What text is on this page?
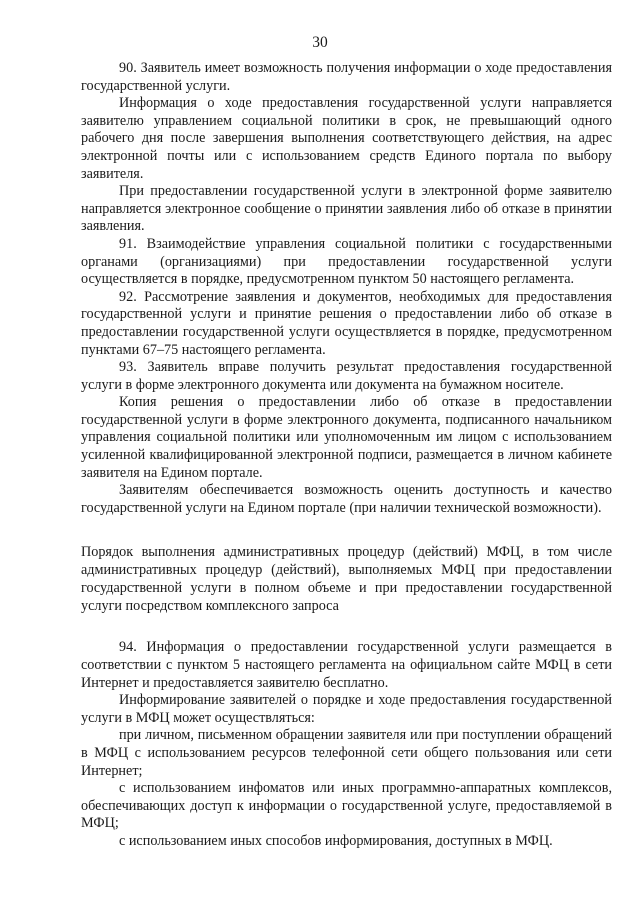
30

90. Заявитель имеет возможность получения информации о ходе предоставления государственной услуги.

Информация о ходе предоставления государственной услуги направляется заявителю управлением социальной политики в срок, не превышающий одного рабочего дня после завершения выполнения соответствующего действия, на адрес электронной почты или с использованием средств Единого портала по выбору заявителя.

При предоставлении государственной услуги в электронной форме заявителю направляется электронное сообщение о принятии заявления либо об отказе в принятии заявления.

91. Взаимодействие управления социальной политики с государственными органами (организациями) при предоставлении государственной услуги осуществляется в порядке, предусмотренном пунктом 50 настоящего регламента.

92. Рассмотрение заявления и документов, необходимых для предоставления государственной услуги и принятие решения о предоставлении либо об отказе в предоставлении государственной услуги осуществляется в порядке, предусмотренном пунктами 67–75 настоящего регламента.

93. Заявитель вправе получить результат предоставления государственной услуги в форме электронного документа или документа на бумажном носителе.

Копия решения о предоставлении либо об отказе в предоставлении государственной услуги в форме электронного документа, подписанного начальником управления социальной политики или уполномоченным им лицом с использованием усиленной квалифицированной электронной подписи, размещается в личном кабинете заявителя на Едином портале.

Заявителям обеспечивается возможность оценить доступность и качество государственной услуги на Едином портале (при наличии технической возможности).

Порядок выполнения административных процедур (действий) МФЦ, в том числе административных процедур (действий), выполняемых МФЦ при предоставлении государственной услуги в полном объеме и при предоставлении государственной услуги посредством комплексного запроса

94. Информация о предоставлении государственной услуги размещается в соответствии с пунктом 5 настоящего регламента на официальном сайте МФЦ в сети Интернет и предоставляется заявителю бесплатно.

Информирование заявителей о порядке и ходе предоставления государственной услуги в МФЦ может осуществляться:

при личном, письменном обращении заявителя или при поступлении обращений в МФЦ с использованием ресурсов телефонной сети общего пользования или сети Интернет;

с использованием инфоматов или иных программно-аппаратных комплексов, обеспечивающих доступ к информации о государственной услуге, предоставляемой в МФЦ;

с использованием иных способов информирования, доступных в МФЦ.
